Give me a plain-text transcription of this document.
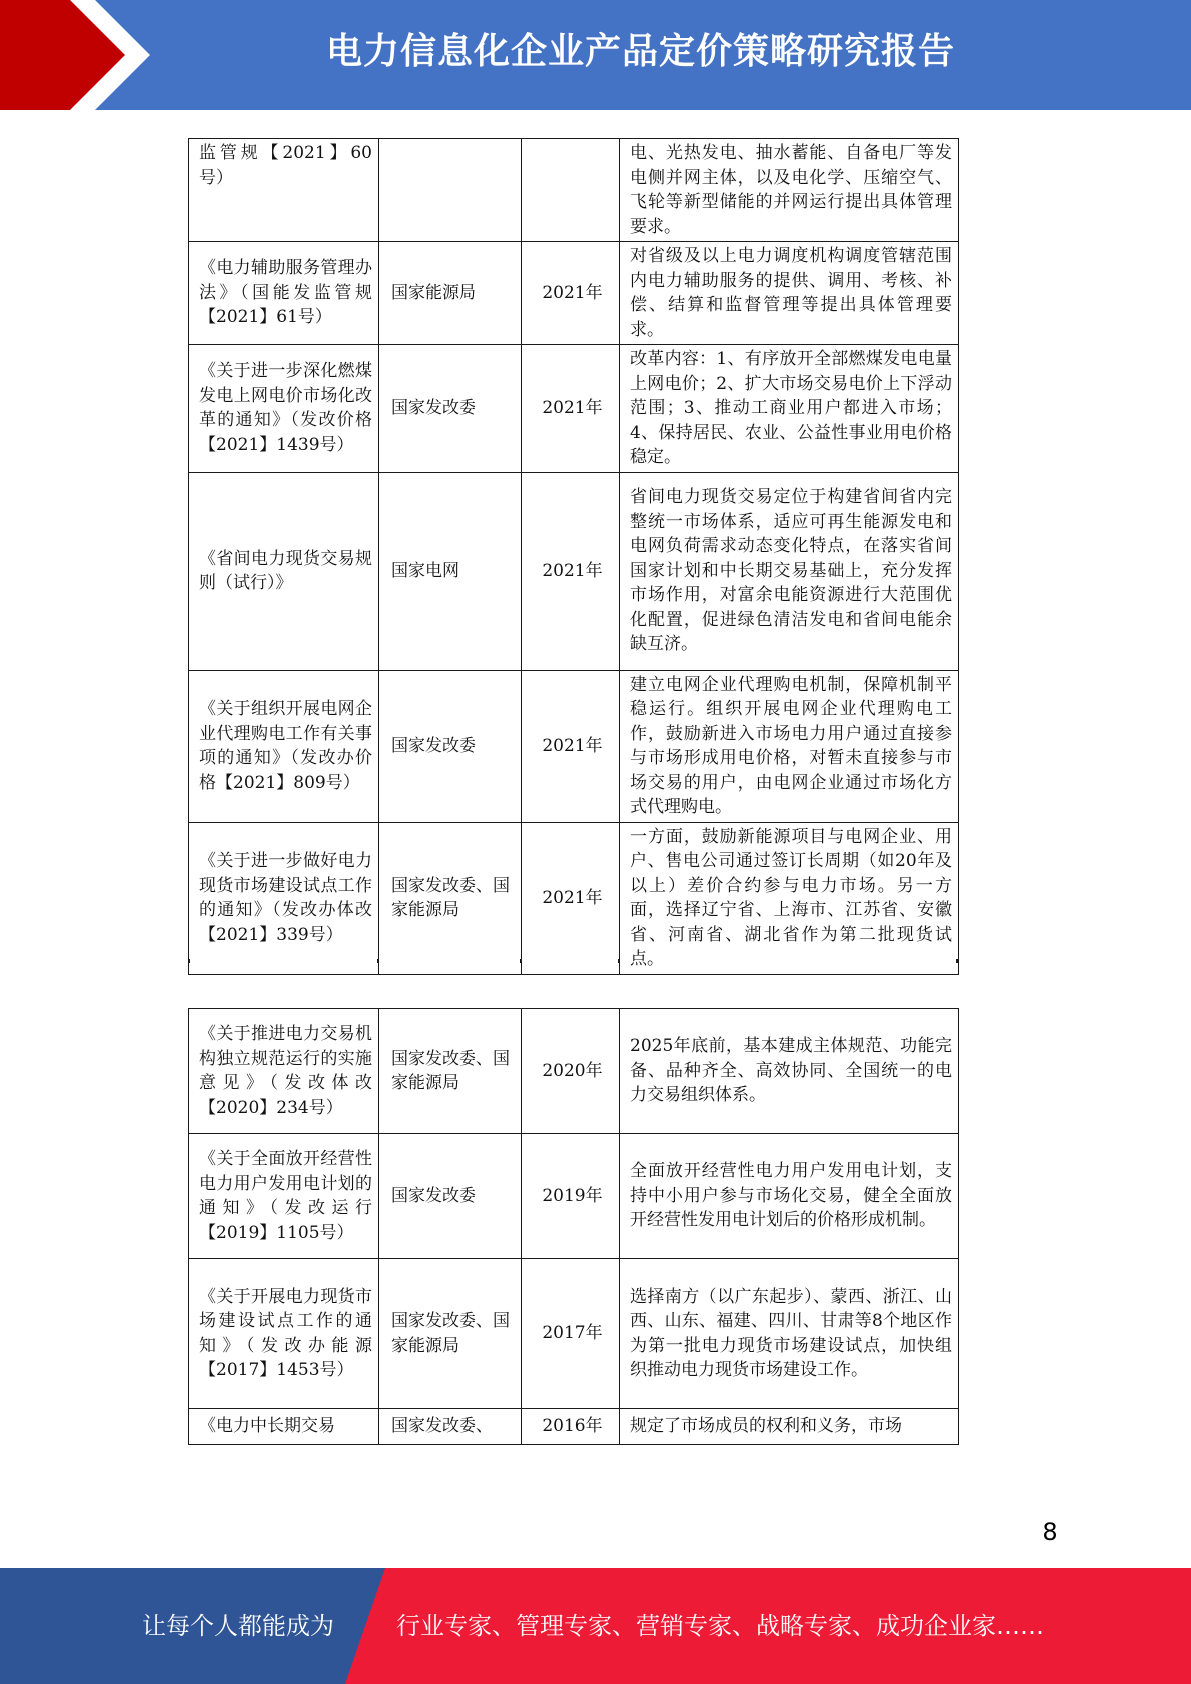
电力信息化企业产品定价策略研究报告
监管规【2021】60号）			电、光热发电、抽水蓄能、自备电厂等发电侧并网主体，以及电化学、压缩空气、飞轮等新型储能的并网运行提出具体管理要求。
《电力辅助服务管理办法》（国能发监管规【2021】61号）	国家能源局	2021年	对省级及以上电力调度机构调度管辖范围内电力辅助服务的提供、调用、考核、补偿、结算和监督管理等提出具体管理要求。
《关于进一步深化燃煤发电上网电价市场化改革的通知》（发改价格【2021】1439号）	国家发改委	2021年	改革内容：1、有序放开全部燃煤发电电量上网电价；2、扩大市场交易电价上下浮动范围；3、推动工商业用户都进入市场；4、保持居民、农业、公益性事业用电价格稳定。
《省间电力现货交易规则（试行）》	国家电网	2021年	省间电力现货交易定位于构建省间省内完整统一市场体系，适应可再生能源发电和电网负荷需求动态变化特点，在落实省间国家计划和中长期交易基础上，充分发挥市场作用，对富余电能资源进行大范围优化配置，促进绿色清洁发电和省间电能余缺互济。
《关于组织开展电网企业代理购电工作有关事项的通知》（发改办价格【2021】809号）	国家发改委	2021年	建立电网企业代理购电机制，保障机制平稳运行。组织开展电网企业代理购电工作，鼓励新进入市场电力用户通过直接参与市场形成用电价格，对暂未直接参与市场交易的用户，由电网企业通过市场化方式代理购电。
《关于进一步做好电力现货市场建设试点工作的通知》（发改办体改【2021】339号）	国家发改委、国家能源局	2021年	一方面，鼓励新能源项目与电网企业、用户、售电公司通过签订长周期（如20年及以上）差价合约参与电力市场。另一方面，选择辽宁省、上海市、江苏省、安徽省、河南省、湖北省作为第二批现货试点。
《关于推进电力交易机构独立规范运行的实施意见》（发改体改【2020】234号）	国家发改委、国家能源局	2020年	2025年底前，基本建成主体规范、功能完备、品种齐全、高效协同、全国统一的电力交易组织体系。
《关于全面放开经营性电力用户发用电计划的通知》（发改运行【2019】1105号）	国家发改委	2019年	全面放开经营性电力用户发用电计划，支持中小用户参与市场化交易，健全全面放开经营性发用电计划后的价格形成机制。
《关于开展电力现货市场建设试点工作的通知》（发改办能源【2017】1453号）	国家发改委、国家能源局	2017年	选择南方（以广东起步）、蒙西、浙江、山西、山东、福建、四川、甘肃等8个地区作为第一批电力现货市场建设试点，加快组织推动电力现货市场建设工作。
《电力中长期交易	国家发改委、	2016年	规定了市场成员的权利和义务，市场
8
让每个人都能成为	行业专家、管理专家、营销专家、战略专家、成功企业家……
